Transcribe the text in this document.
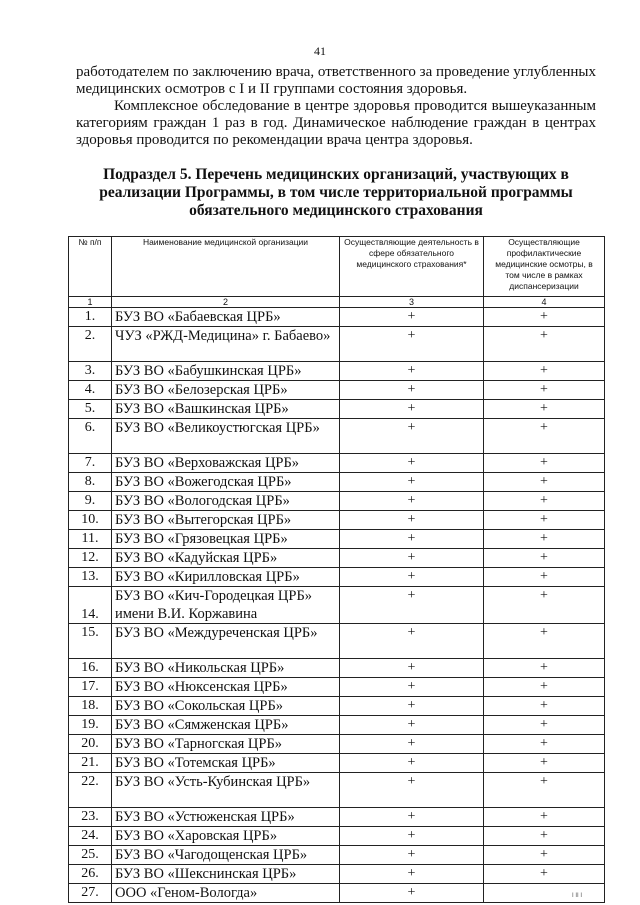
41

работодателем по заключению врача, ответственного за проведение углубленных медицинских осмотров с I и II группами состояния здоровья.

Комплексное обследование в центре здоровья проводится вышеуказанным категориям граждан 1 раз в год. Динамическое наблюдение граждан в центрах здоровья проводится по рекомендации врача центра здоровья.

Подраздел 5. Перечень медицинских организаций, участвующих в реализации Программы, в том числе территориальной программы обязательного медицинского страхования
№ п/п	Наименование медицинской организации	Осуществляющие деятельность в сфере обязательного медицинского страхования*	Осуществляющие профилактические медицинские осмотры, в том числе в рамках диспансеризации
1	2	3	4
1.	БУЗ ВО «Бабаевская ЦРБ»	+	+
2.	ЧУЗ «РЖД-Медицина» г. Бабаево»	+	+
3.	БУЗ ВО «Бабушкинская ЦРБ»	+	+
4.	БУЗ ВО «Белозерская ЦРБ»	+	+
5.	БУЗ ВО «Вашкинская ЦРБ»	+	+
6.	БУЗ ВО «Великоустюгская ЦРБ»	+	+
7.	БУЗ ВО «Верховажская ЦРБ»	+	+
8.	БУЗ ВО «Вожегодская ЦРБ»	+	+
9.	БУЗ ВО «Вологодская ЦРБ»	+	+
10.	БУЗ ВО «Вытегорская ЦРБ»	+	+
11.	БУЗ ВО «Грязовецкая ЦРБ»	+	+
12.	БУЗ ВО «Кадуйская ЦРБ»	+	+
13.	БУЗ ВО «Кирилловская ЦРБ»	+	+
14.	БУЗ ВО «Кич-Городецкая ЦРБ» имени В.И. Коржавина	+	+
15.	БУЗ ВО «Междуреченская ЦРБ»	+	+
16.	БУЗ ВО «Никольская ЦРБ»	+	+
17.	БУЗ ВО «Нюксенская ЦРБ»	+	+
18.	БУЗ ВО «Сокольская ЦРБ»	+	+
19.	БУЗ ВО «Сямженская ЦРБ»	+	+
20.	БУЗ ВО «Тарногская ЦРБ»	+	+
21.	БУЗ ВО «Тотемская ЦРБ»	+	+
22.	БУЗ ВО «Усть-Кубинская ЦРБ»	+	+
23.	БУЗ ВО «Устюженская ЦРБ»	+	+
24.	БУЗ ВО «Харовская ЦРБ»	+	+
25.	БУЗ ВО «Чагодощенская ЦРБ»	+	+
26.	БУЗ ВО «Шекснинская ЦРБ»	+	+
27.	ООО «Геном-Вологда»	+		I II I
